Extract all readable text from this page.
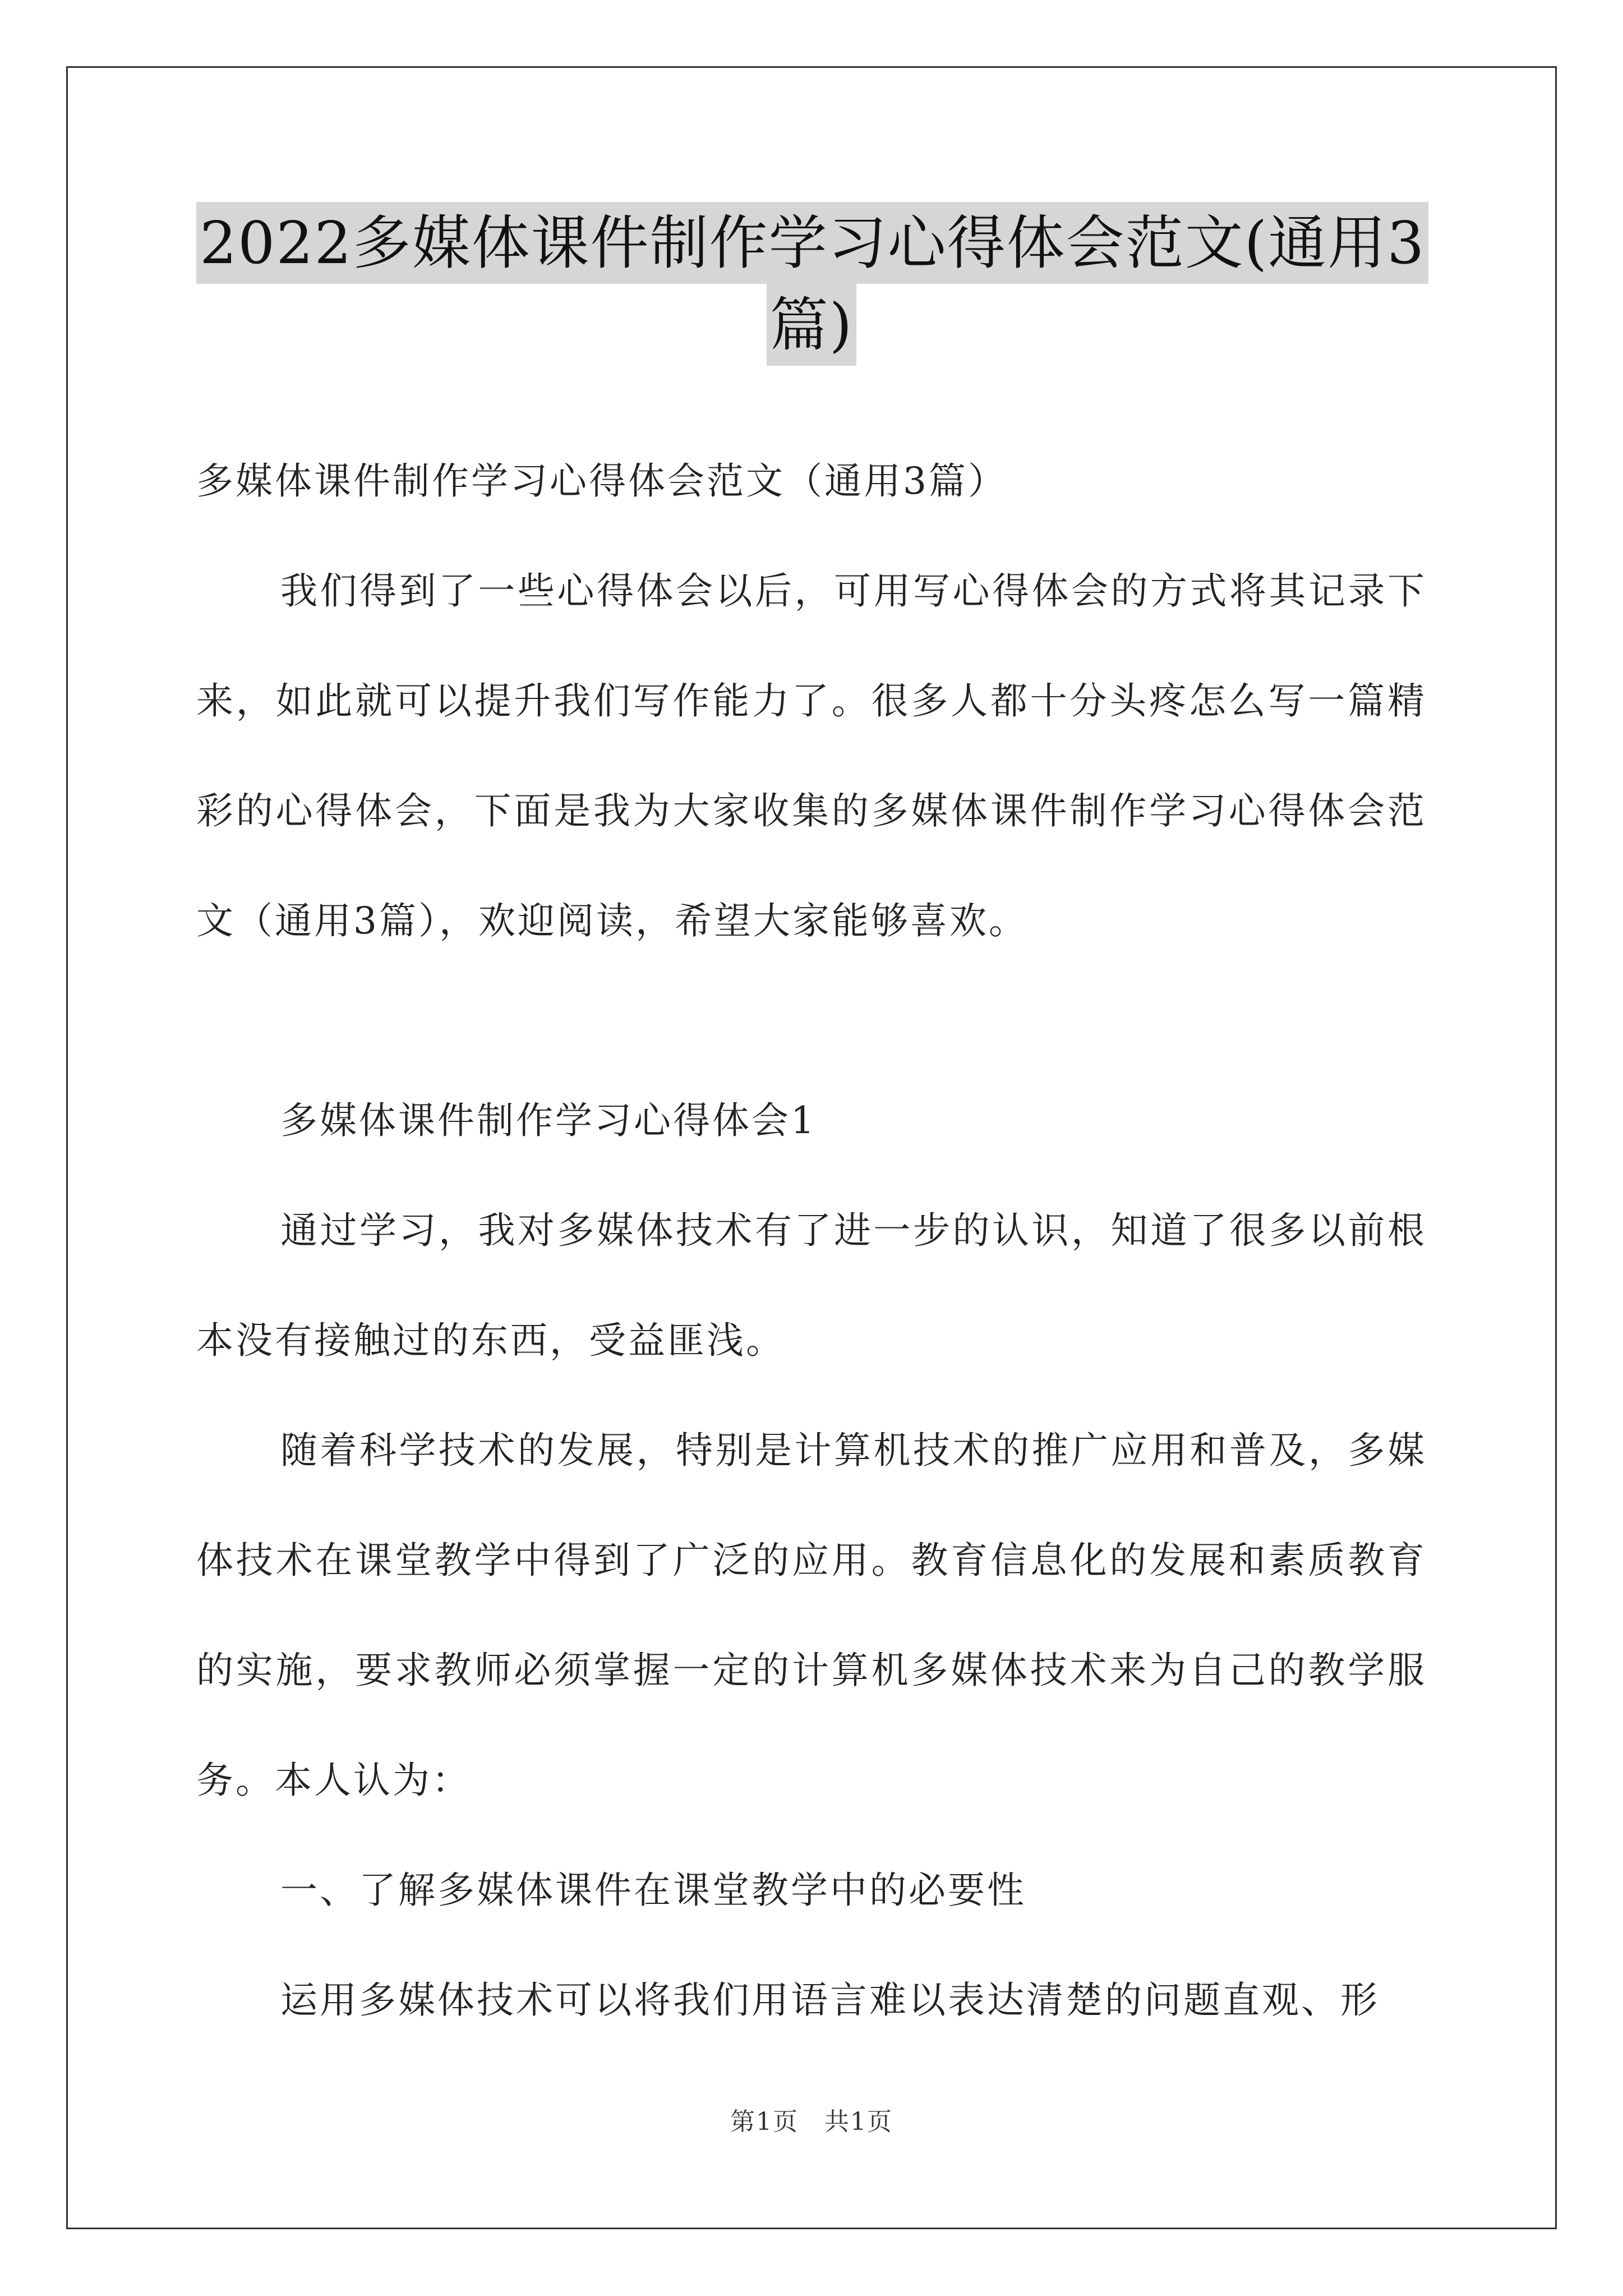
2022多媒体课件制作学习心得体会范文(通用3
篇)

多媒体课件制作学习心得体会范文（通用3篇）

我们得到了一些心得体会以后，可用写心得体会的方式将其记录下来，如此就可以提升我们写作能力了。很多人都十分头疼怎么写一篇精彩的心得体会，下面是我为大家收集的多媒体课件制作学习心得体会范文（通用3篇），欢迎阅读，希望大家能够喜欢。

多媒体课件制作学习心得体会1

通过学习，我对多媒体技术有了进一步的认识，知道了很多以前根本没有接触过的东西，受益匪浅。

随着科学技术的发展，特别是计算机技术的推广应用和普及，多媒体技术在课堂教学中得到了广泛的应用。教育信息化的发展和素质教育的实施，要求教师必须掌握一定的计算机多媒体技术来为自己的教学服务。本人认为：

一、了解多媒体课件在课堂教学中的必要性

运用多媒体技术可以将我们用语言难以表达清楚的问题直观、形

第1页　共1页
